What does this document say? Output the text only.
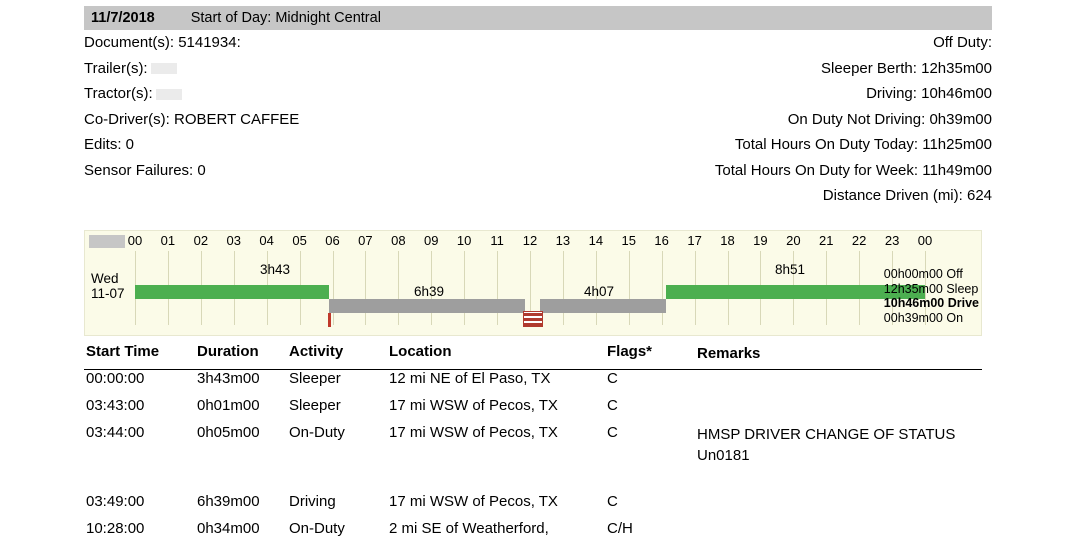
11/7/2018 Start of Day: Midnight Central
Document(s): 5141934:	Off Duty:
Trailer(s):	Sleeper Berth: 12h35m00
Tractor(s):	Driving: 10h46m00
Co-Driver(s): ROBERT CAFFEE	On Duty Not Driving: 0h39m00
Edits: 0	Total Hours On Duty Today: 11h25m00
Sensor Failures: 0	Total Hours On Duty for Week: 11h49m00
Distance Driven (mi): 624
00 01 02 03 04 05 06 07 08 09 10 11 12 13 14 15 16 17 18 19 20 21 22 23 00
Wed
11-07
3h43
6h39	4h07
8h51	00h00m00 Off
12h35m00 Sleep
10h46m00 Drive
00h39m00 On
Start Time	Duration Activity	Location	Flags*	Remarks
00:00:00	3h43m00 Sleeper	12 mi NE of El Paso, TX	C
03:43:00	0h01m00 Sleeper	17 mi WSW of Pecos, TX	C
03:44:00	0h05m00 On-Duty	17 mi WSW of Pecos, TX	C	HMSP DRIVER CHANGE OF STATUS
Un0181
03:49:00	6h39m00 Driving	17 mi WSW of Pecos, TX	C
10:28:00	0h34m00 On-Duty	2 mi SE of Weatherford,	C/H
